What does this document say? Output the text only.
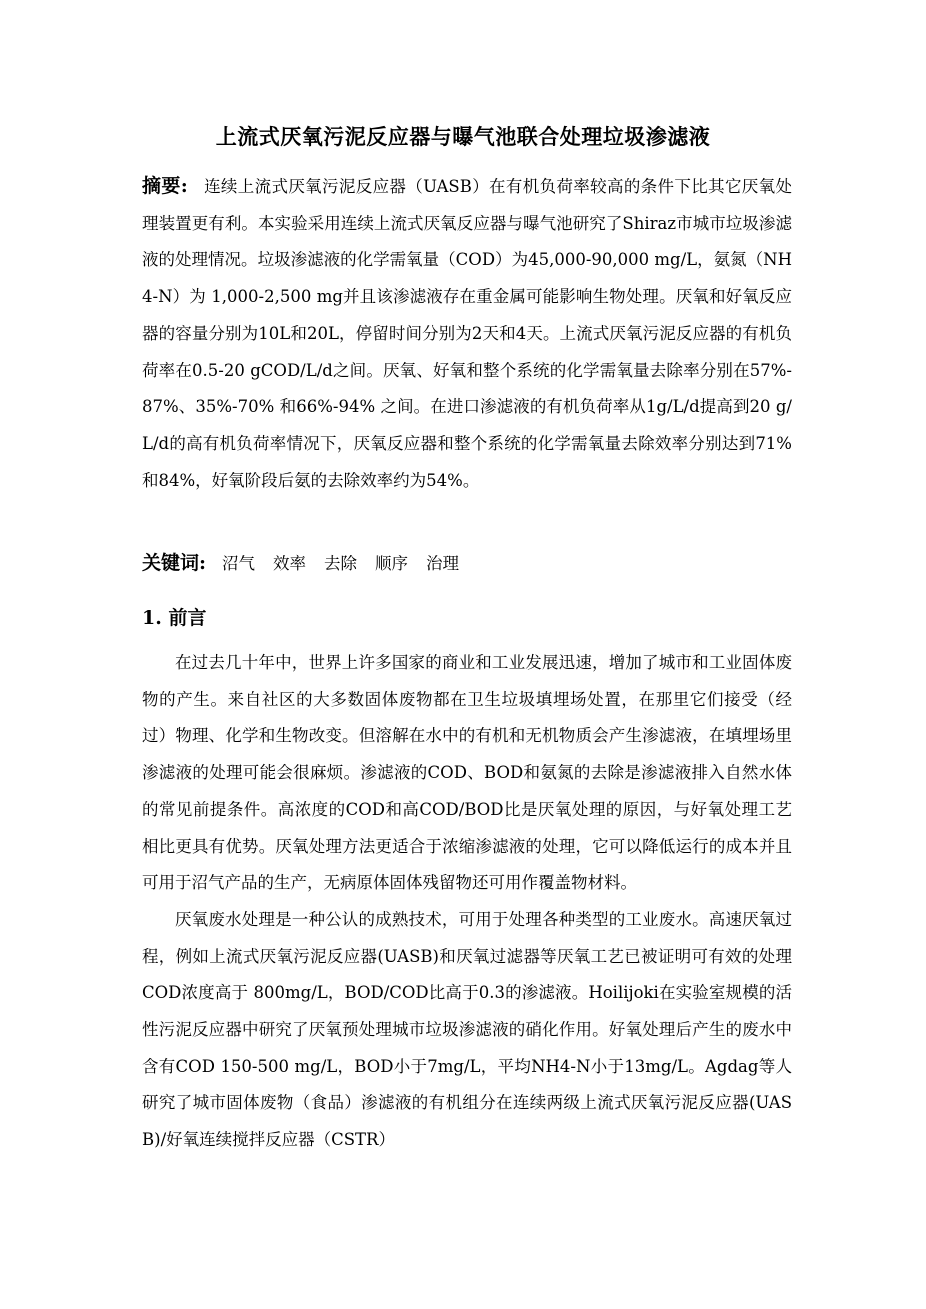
上流式厌氧污泥反应器与曝气池联合处理垃圾渗滤液
摘要: 连续上流式厌氧污泥反应器（UASB）在有机负荷率较高的条件下比其它厌氧处理装置更有利。本实验采用连续上流式厌氧反应器与曝气池研究了Shiraz市城市垃圾渗滤液的处理情况。垃圾渗滤液的化学需氧量（COD）为45,000-90,000 mg/L，氨氮（NH4-N）为 1,000-2,500 mg并且该渗滤液存在重金属可能影响生物处理。厌氧和好氧反应器的容量分别为10L和20L，停留时间分别为2天和4天。上流式厌氧污泥反应器的有机负荷率在0.5-20 gCOD/L/d之间。厌氧、好氧和整个系统的化学需氧量去除率分别在57%-87%、35%-70% 和66%-94% 之间。在进口渗滤液的有机负荷率从1g/L/d提高到20 g/L/d的高有机负荷率情况下，厌氧反应器和整个系统的化学需氧量去除效率分别达到71%和84%，好氧阶段后氨的去除效率约为54%。
关键词: 沼气 效率 去除 顺序 治理
1. 前言

在过去几十年中，世界上许多国家的商业和工业发展迅速，增加了城市和工业固体废物的产生。来自社区的大多数固体废物都在卫生垃圾填埋场处置，在那里它们接受（经过）物理、化学和生物改变。但溶解在水中的有机和无机物质会产生渗滤液，在填埋场里渗滤液的处理可能会很麻烦。渗滤液的COD、BOD和氨氮的去除是渗滤液排入自然水体的常见前提条件。高浓度的COD和高COD/BOD比是厌氧处理的原因，与好氧处理工艺相比更具有优势。厌氧处理方法更适合于浓缩渗滤液的处理，它可以降低运行的成本并且可用于沼气产品的生产，无病原体固体残留物还可用作覆盖物材料。

厌氧废水处理是一种公认的成熟技术，可用于处理各种类型的工业废水。高速厌氧过程，例如上流式厌氧污泥反应器(UASB)和厌氧过滤器等厌氧工艺已被证明可有效的处理COD浓度高于 800mg/L，BOD/COD比高于0.3的渗滤液。Hoilijoki在实验室规模的活性污泥反应器中研究了厌氧预处理城市垃圾渗滤液的硝化作用。好氧处理后产生的废水中含有COD 150-500 mg/L，BOD小于7mg/L，平均NH4-N小于13mg/L。Agdag等人研究了城市固体废物（食品）渗滤液的有机组分在连续两级上流式厌氧污泥反应器(UASB)/好氧连续搅拌反应器（CSTR）
